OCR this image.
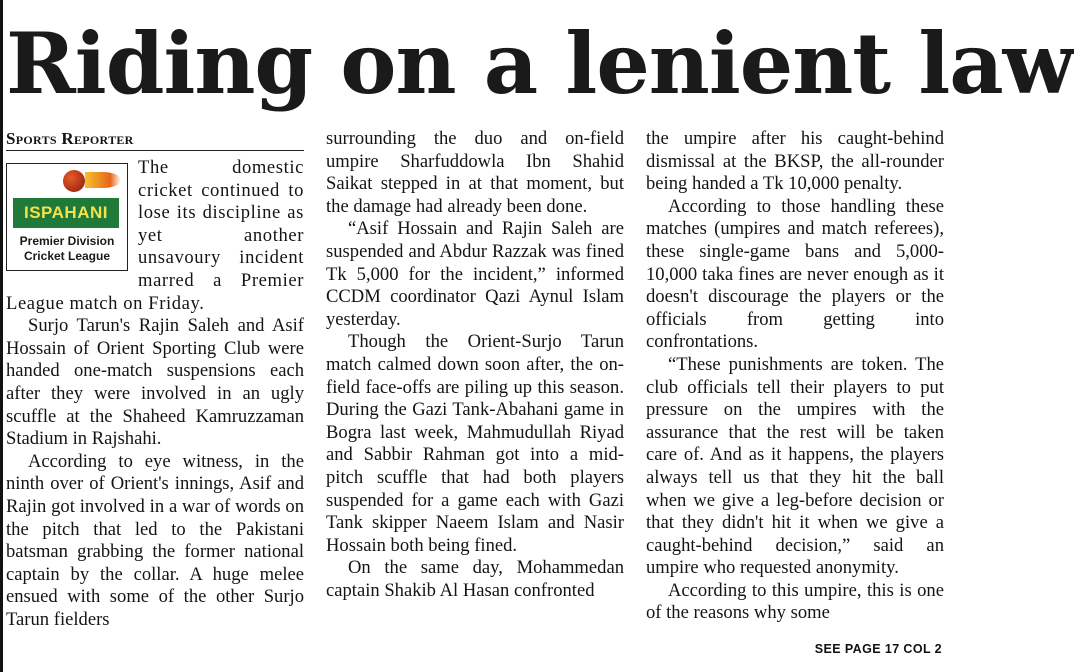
Riding on a lenient law
Sports Reporter
ISPAHANI
Premier Division
Cricket League

The domestic cricket continued to lose its discipline as yet another unsavoury incident marred a Premier League match on Friday.

Surjo Tarun's Rajin Saleh and Asif Hossain of Orient Sporting Club were handed one-match suspensions each after they were involved in an ugly scuffle at the Shaheed Kamruzzaman Stadium in Rajshahi.

According to eye witness, in the ninth over of Orient's innings, Asif and Rajin got involved in a war of words on the pitch that led to the Pakistani batsman grabbing the former national captain by the collar. A huge melee ensued with some of the other Surjo Tarun fielders

surrounding the duo and on-field umpire Sharfuddowla Ibn Shahid Saikat stepped in at that moment, but the damage had already been done.

“Asif Hossain and Rajin Saleh are suspended and Abdur Razzak was fined Tk 5,000 for the incident,” informed CCDM coordinator Qazi Aynul Islam yesterday.

Though the Orient-Surjo Tarun match calmed down soon after, the on-field face-offs are piling up this season. During the Gazi Tank-Abahani game in Bogra last week, Mahmudullah Riyad and Sabbir Rahman got into a mid-pitch scuffle that had both players suspended for a game each with Gazi Tank skipper Naeem Islam and Nasir Hossain both being fined.

On the same day, Mohammedan captain Shakib Al Hasan confronted

the umpire after his caught-behind dismissal at the BKSP, the all-rounder being handed a Tk 10,000 penalty.

According to those handling these matches (umpires and match referees), these single-game bans and 5,000-10,000 taka fines are never enough as it doesn't discourage the players or the officials from getting into confrontations.

“These punishments are token. The club officials tell their players to put pressure on the umpires with the assurance that the rest will be taken care of. And as it happens, the players always tell us that they hit the ball when we give a leg-before decision or that they didn't hit it when we give a caught-behind decision,” said an umpire who requested anonymity.

According to this umpire, this is one of the reasons why some

SEE PAGE 17 COL 2
